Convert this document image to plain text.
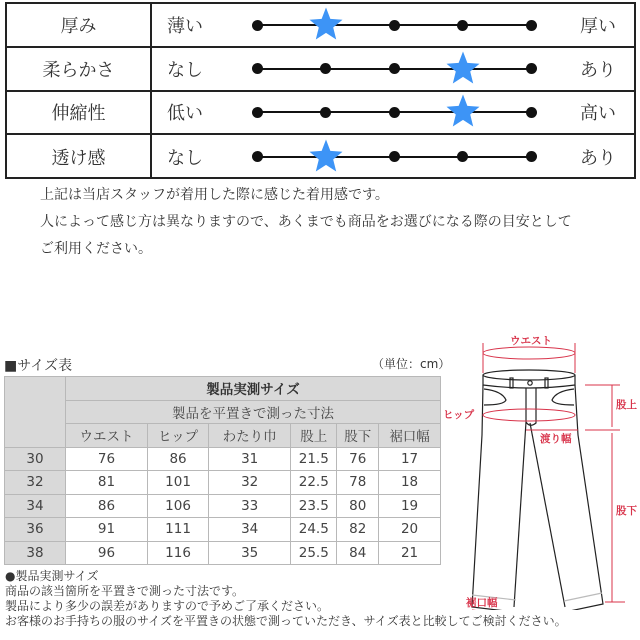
厚み	薄い	厚い
柔らかさ	なし	あり
伸縮性	低い	高い
透け感	なし	あり
上記は当店スタッフが着用した際に感じた着用感です。
人によって感じ方は異なりますので、あくまでも商品をお選びになる際の目安として
ご利用ください。
■サイズ表	（単位：cm）
	製品実測サイズ					
	製品を平置きで測った寸法					
	ウエスト	ヒップ	わたり巾	股上	股下	裾口幅
30	76	86	31	21.5	76	17
32	81	101	32	22.5	78	18
34	86	106	33	23.5	80	19
36	91	111	34	24.5	82	20
38	96	116	35	25.5	84	21
●製品実測サイズ
商品の該当箇所を平置きで測った寸法です。
製品により多少の誤差がありますので予めご了承ください。
お客様のお手持ちの服のサイズを平置きの状態で測っていただき、サイズ表と比較してご検討ください。
ウエスト
ヒップ
股上
渡り幅
股下
裾口幅
